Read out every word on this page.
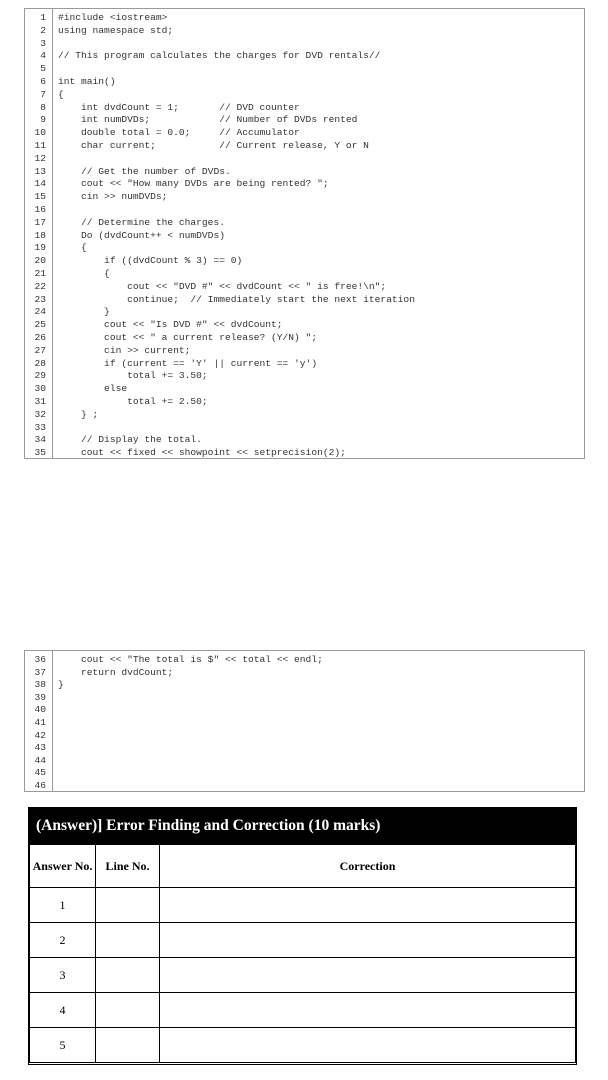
1 #include <iostream>
2 using namespace std;
3
4 // This program calculates the charges for DVD rentals//
5
6 int main()
7 {
8 int dvdCount = 1;       // DVD counter
9 int numDVDs;            // Number of DVDs rented
10 double total = 0.0;     // Accumulator
11 char current;           // Current release, Y or N
12
13 // Get the number of DVDs.
14 cout << "How many DVDs are being rented? ";
15 cin >> numDVDs;
16
17 // Determine the charges.
18 Do (dvdCount++ < numDVDs)
19 {
20 if ((dvdCount % 3) == 0)
21 {
22 cout << "DVD #" << dvdCount << " is free!\n";
23 continue;  // Immediately start the next iteration
24 }
25 cout << "Is DVD #" << dvdCount;
26 cout << " a current release? (Y/N) ";
27 cin >> current;
28 if (current == 'Y' || current == 'y')
29 total += 3.50;
30 else
31 total += 2.50;
32 } ;
33
34 // Display the total.
35 cout << fixed << showpoint << setprecision(2);
36 cout << "The total is $" << total << endl;
37 return dvdCount;
38 }
39
40
41
42
43
44
45
46
(Answer)] Error Finding and Correction (10 marks)
Answer No.	Line No.	Correction
1		
2		
3		
4		
5		
